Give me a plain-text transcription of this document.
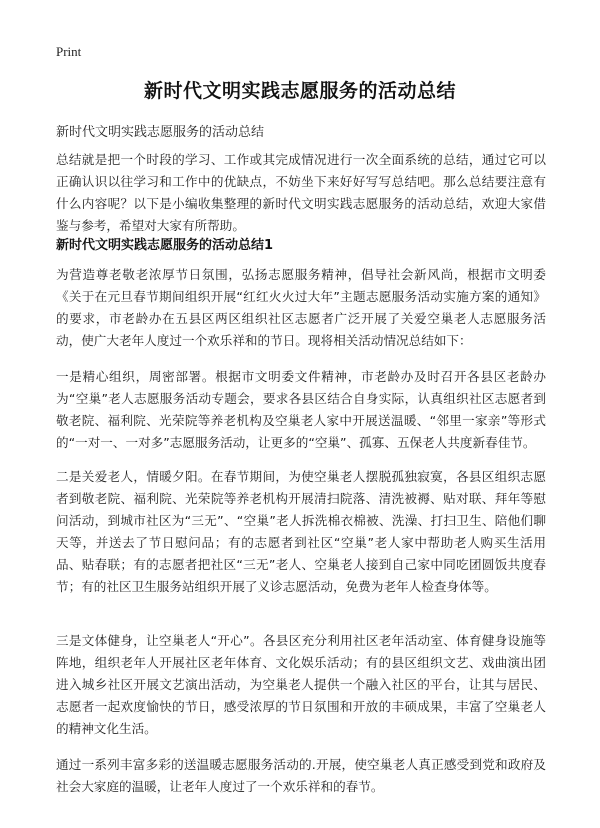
Print
新时代文明实践志愿服务的活动总结
新时代文明实践志愿服务的活动总结

总结就是把一个时段的学习、工作或其完成情况进行一次全面系统的总结，通过它可以正确认识以往学习和工作中的优缺点，不妨坐下来好好写写总结吧。那么总结要注意有什么内容呢？以下是小编收集整理的新时代文明实践志愿服务的活动总结，欢迎大家借鉴与参考，希望对大家有所帮助。

新时代文明实践志愿服务的活动总结1

为营造尊老敬老浓厚节日氛围，弘扬志愿服务精神，倡导社会新风尚，根据市文明委《关于在元旦春节期间组织开展“红红火火过大年”主题志愿服务活动实施方案的通知》的要求，市老龄办在五县区两区组织社区志愿者广泛开展了关爱空巢老人志愿服务活动，使广大老年人度过一个欢乐祥和的节日。现将相关活动情况总结如下：

一是精心组织，周密部署。根据市文明委文件精神，市老龄办及时召开各县区老龄办为“空巢”老人志愿服务活动专题会，要求各县区结合自身实际，认真组织社区志愿者到敬老院、福利院、光荣院等养老机构及空巢老人家中开展送温暖、“邻里一家亲”等形式的“一对一、一对多”志愿服务活动，让更多的“空巢”、孤寡、五保老人共度新春佳节。

二是关爱老人，情暖夕阳。在春节期间，为使空巢老人摆脱孤独寂寞，各县区组织志愿者到敬老院、福利院、光荣院等养老机构开展清扫院落、清洗被褥、贴对联、拜年等慰问活动，到城市社区为“三无”、“空巢”老人拆洗棉衣棉被、洗澡、打扫卫生、陪他们聊天等，并送去了节日慰问品；有的志愿者到社区“空巢”老人家中帮助老人购买生活用品、贴春联；有的志愿者把社区“三无”老人、空巢老人接到自己家中同吃团圆饭共度春节；有的社区卫生服务站组织开展了义诊志愿活动，免费为老年人检查身体等。

三是文体健身，让空巢老人“开心”。各县区充分利用社区老年活动室、体育健身设施等阵地，组织老年人开展社区老年体育、文化娱乐活动；有的县区组织文艺、戏曲演出团进入城乡社区开展文艺演出活动，为空巢老人提供一个融入社区的平台，让其与居民、志愿者一起欢度愉快的节日，感受浓厚的节日氛围和开放的丰硕成果，丰富了空巢老人的精神文化生活。

通过一系列丰富多彩的送温暖志愿服务活动的.开展，使空巢老人真正感受到党和政府及社会大家庭的温暖，让老年人度过了一个欢乐祥和的春节。
